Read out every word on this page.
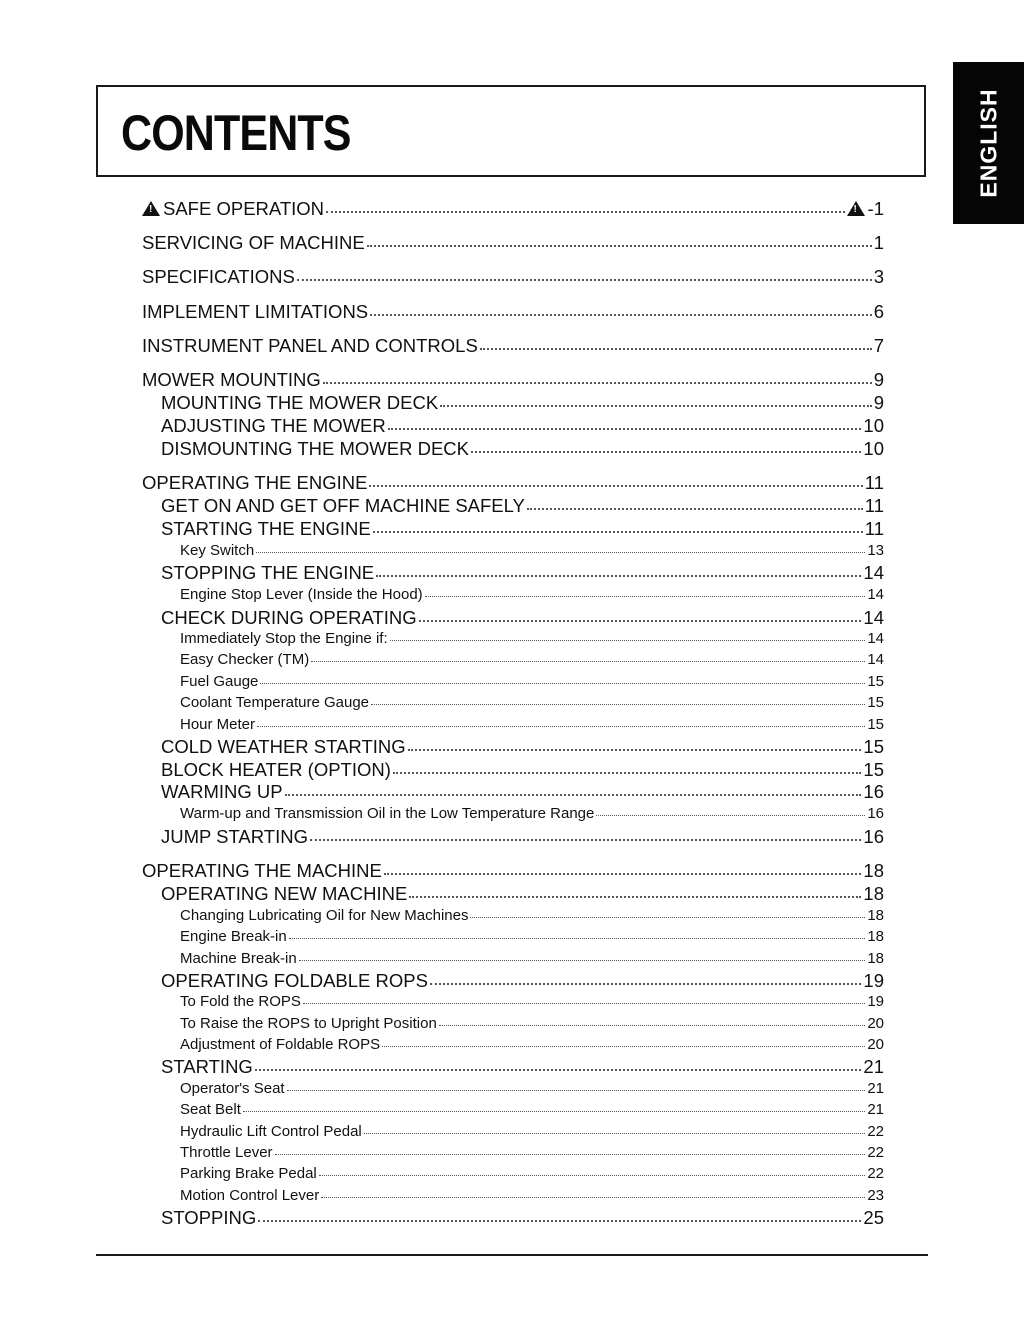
CONTENTS	ENGLISH
!SAFE OPERATION !	-1
SERVICING OF MACHINE	1
SPECIFICATIONS	3
IMPLEMENT LIMITATIONS	6
INSTRUMENT PANEL AND CONTROLS	7
MOWER MOUNTING	9
MOUNTING THE MOWER DECK	9
ADJUSTING THE MOWER	10
DISMOUNTING THE MOWER DECK	10
OPERATING THE ENGINE	11
GET ON AND GET OFF MACHINE SAFELY	11
STARTING THE ENGINE	11
Key Switch	13
STOPPING THE ENGINE	14
Engine Stop Lever (Inside the Hood)	14
CHECK DURING OPERATING	14
Immediately Stop the Engine if:	14
Easy Checker (TM)	14
Fuel Gauge	15
Coolant Temperature Gauge	15
Hour Meter	15
COLD WEATHER STARTING	15
BLOCK HEATER (OPTION)	15
WARMING UP	16
Warm-up and Transmission Oil in the Low Temperature Range	16
JUMP STARTING	16
OPERATING THE MACHINE	18
OPERATING NEW MACHINE	18
Changing Lubricating Oil for New Machines	18
Engine Break-in	18
Machine Break-in	18
OPERATING FOLDABLE ROPS	19
To Fold the ROPS	19
To Raise the ROPS to Upright Position	20
Adjustment of Foldable ROPS	20
STARTING	21
Operator's Seat	21
Seat Belt	21
Hydraulic Lift Control Pedal	22
Throttle Lever	22
Parking Brake Pedal	22
Motion Control Lever	23
STOPPING	25
